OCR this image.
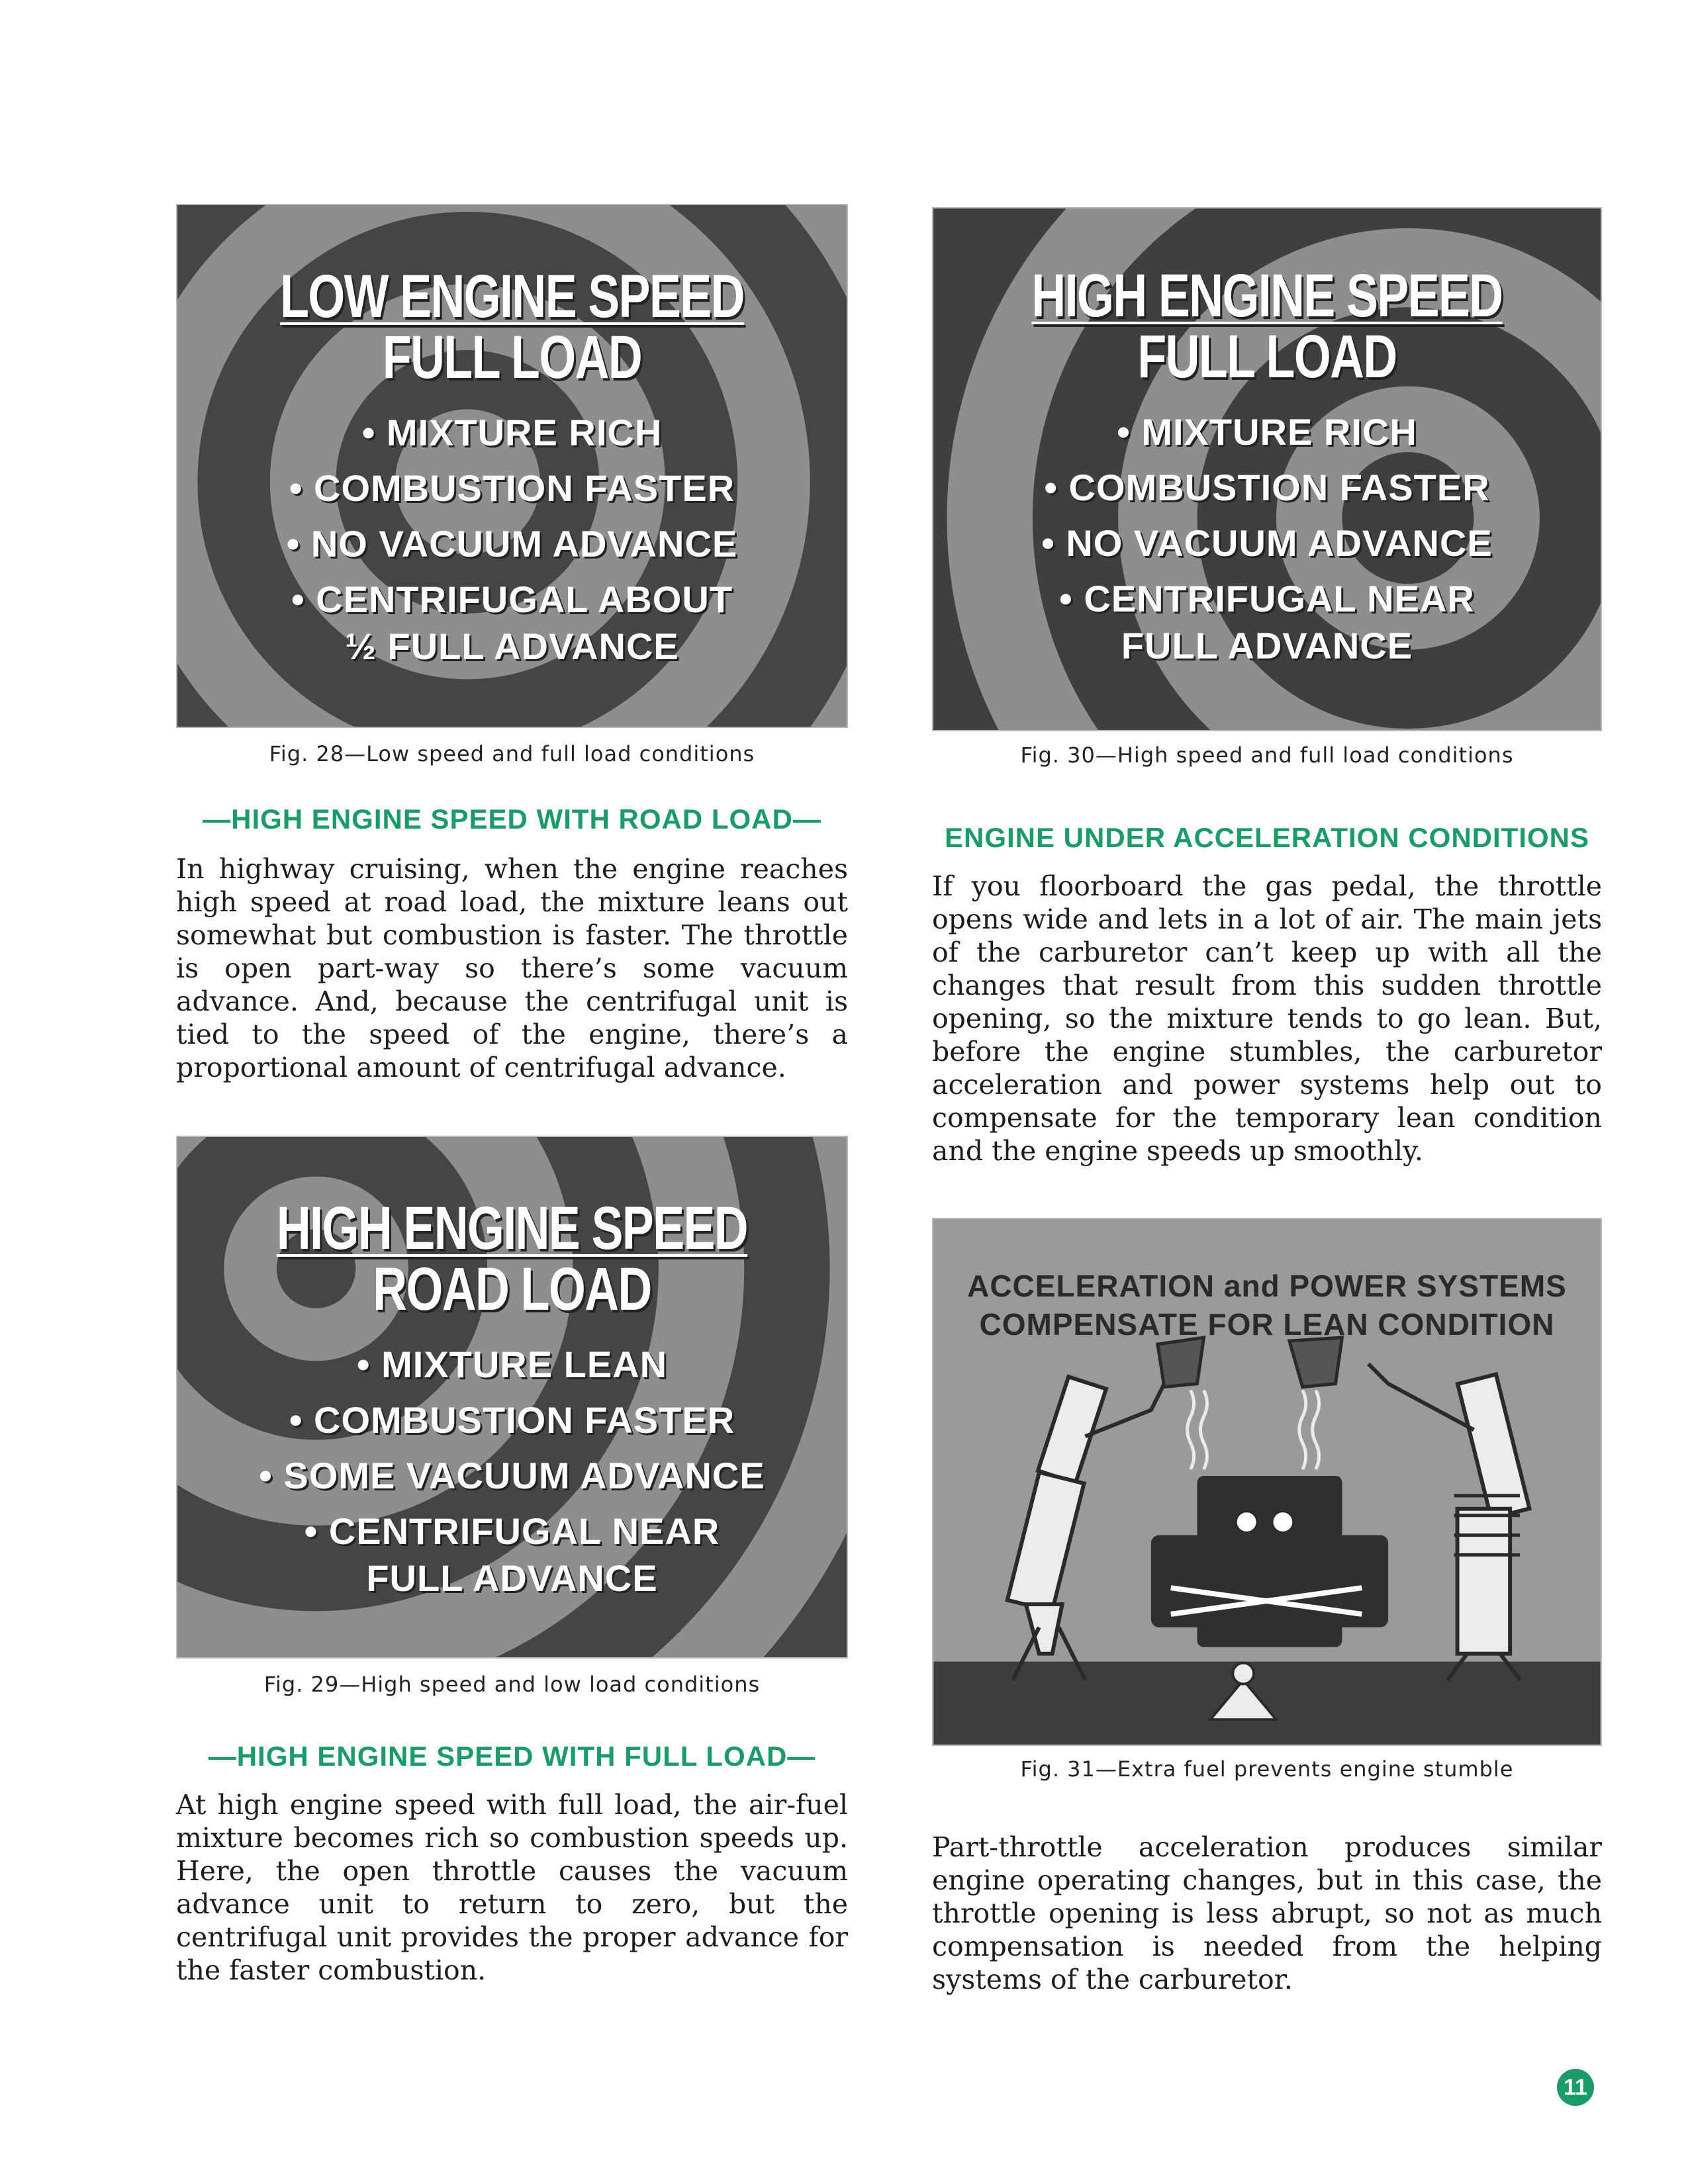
LOW ENGINE SPEED
FULL LOAD
• MIXTURE RICH
• COMBUSTION FASTER
• NO VACUUM ADVANCE
• CENTRIFUGAL ABOUT
½ FULL ADVANCE
Fig. 28—Low speed and full load conditions
—HIGH ENGINE SPEED WITH ROAD LOAD—
In highway cruising, when the engine reaches high speed at road load, the mixture leans out somewhat but combustion is faster. The throttle is open part-way so there’s some vacuum advance. And, because the centrifugal unit is tied to the speed of the engine, there’s a proportional amount of centrifugal advance.
HIGH ENGINE SPEED
ROAD LOAD
• MIXTURE LEAN
• COMBUSTION FASTER
• SOME VACUUM ADVANCE
• CENTRIFUGAL NEAR
FULL ADVANCE
Fig. 29—High speed and low load conditions
—HIGH ENGINE SPEED WITH FULL LOAD—
At high engine speed with full load, the air-fuel mixture becomes rich so combustion speeds up. Here, the open throttle causes the vacuum advance unit to return to zero, but the centrifugal unit provides the proper advance for the faster combustion.
HIGH ENGINE SPEED
FULL LOAD
• MIXTURE RICH
• COMBUSTION FASTER
• NO VACUUM ADVANCE
• CENTRIFUGAL NEAR
FULL ADVANCE
Fig. 30—High speed and full load conditions
ENGINE UNDER ACCELERATION CONDITIONS
If you floorboard the gas pedal, the throttle opens wide and lets in a lot of air. The main jets of the carburetor can’t keep up with all the changes that result from this sudden throttle opening, so the mixture tends to go lean. But, before the engine stumbles, the carburetor acceleration and power systems help out to compensate for the temporary lean condition and the engine speeds up smoothly.
ACCELERATION and POWER SYSTEMS
COMPENSATE FOR LEAN CONDITION
Fig. 31—Extra fuel prevents engine stumble
Part-throttle acceleration produces similar engine operating changes, but in this case, the throttle opening is less abrupt, so not as much compensation is needed from the helping systems of the carburetor.
11
